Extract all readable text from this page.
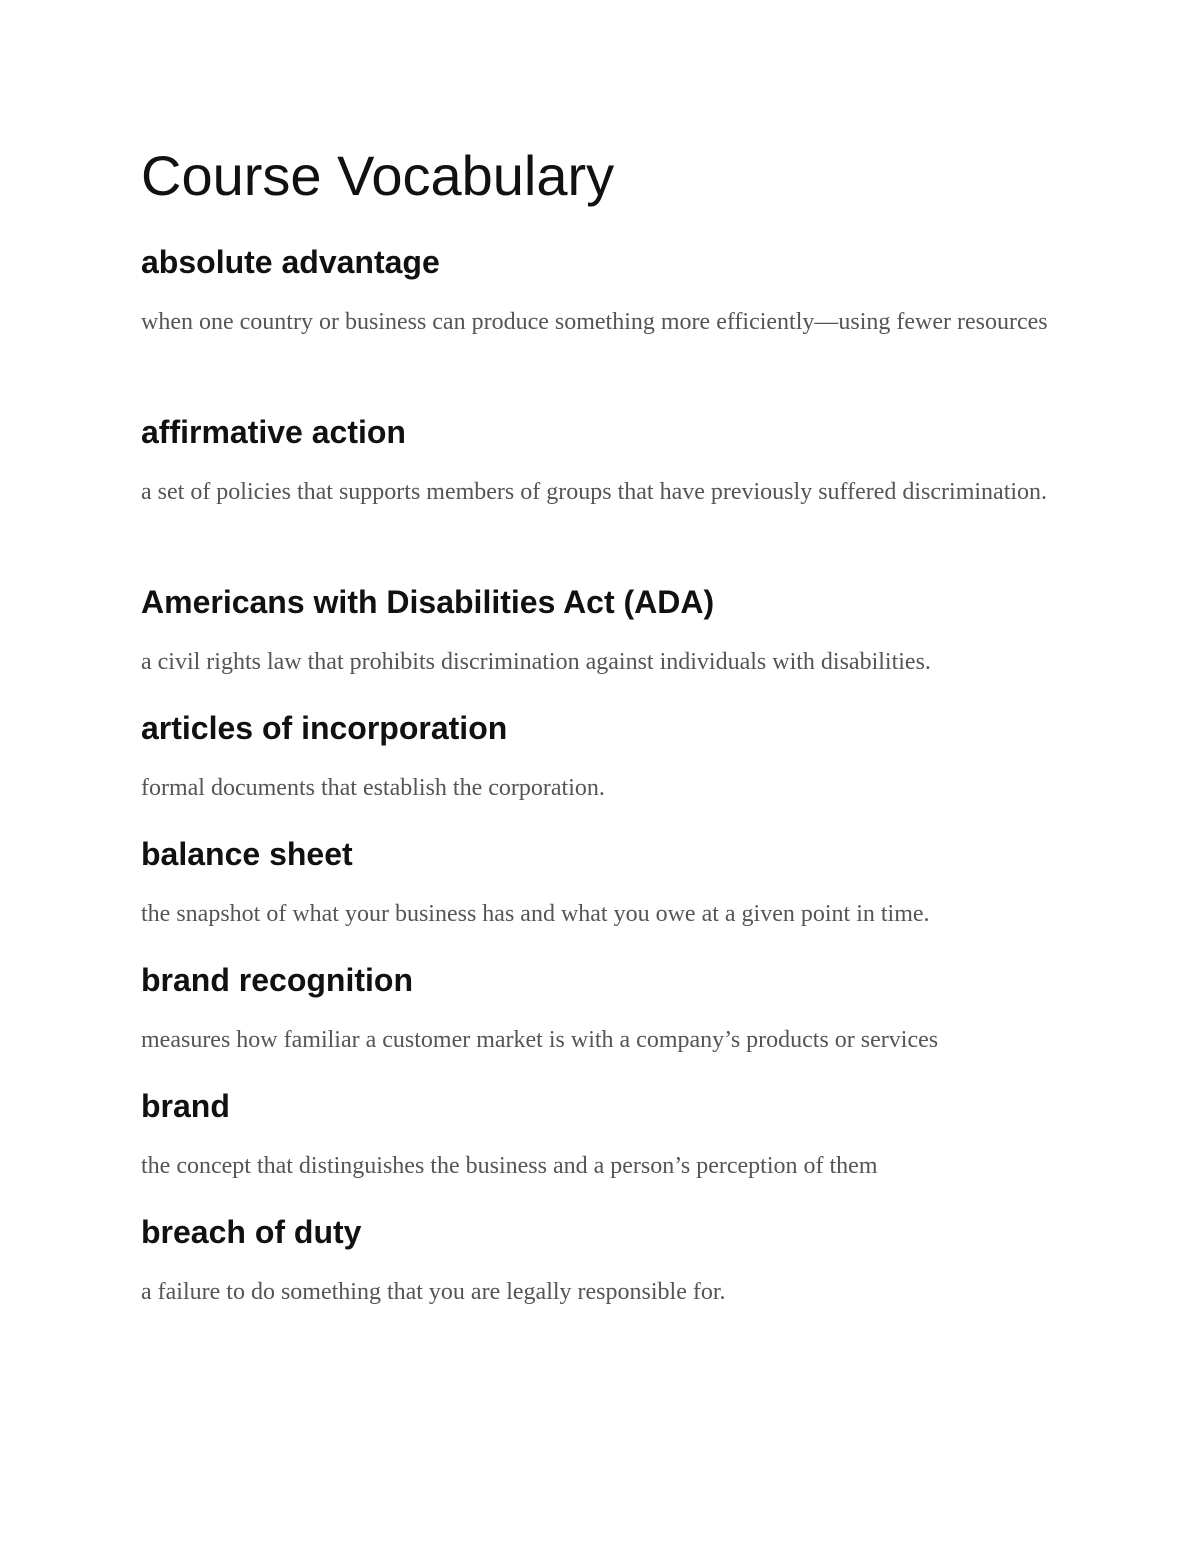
Course Vocabulary
absolute advantage

when one country or business can produce something more efficiently—using fewer resources

affirmative action

a set of policies that supports members of groups that have previously suffered discrimination.

Americans with Disabilities Act (ADA)

a civil rights law that prohibits discrimination against individuals with disabilities.

articles of incorporation

formal documents that establish the corporation.

balance sheet

the snapshot of what your business has and what you owe at a given point in time.

brand recognition

measures how familiar a customer market is with a company’s products or services

brand

the concept that distinguishes the business and a person’s perception of them

breach of duty

a failure to do something that you are legally responsible for.
